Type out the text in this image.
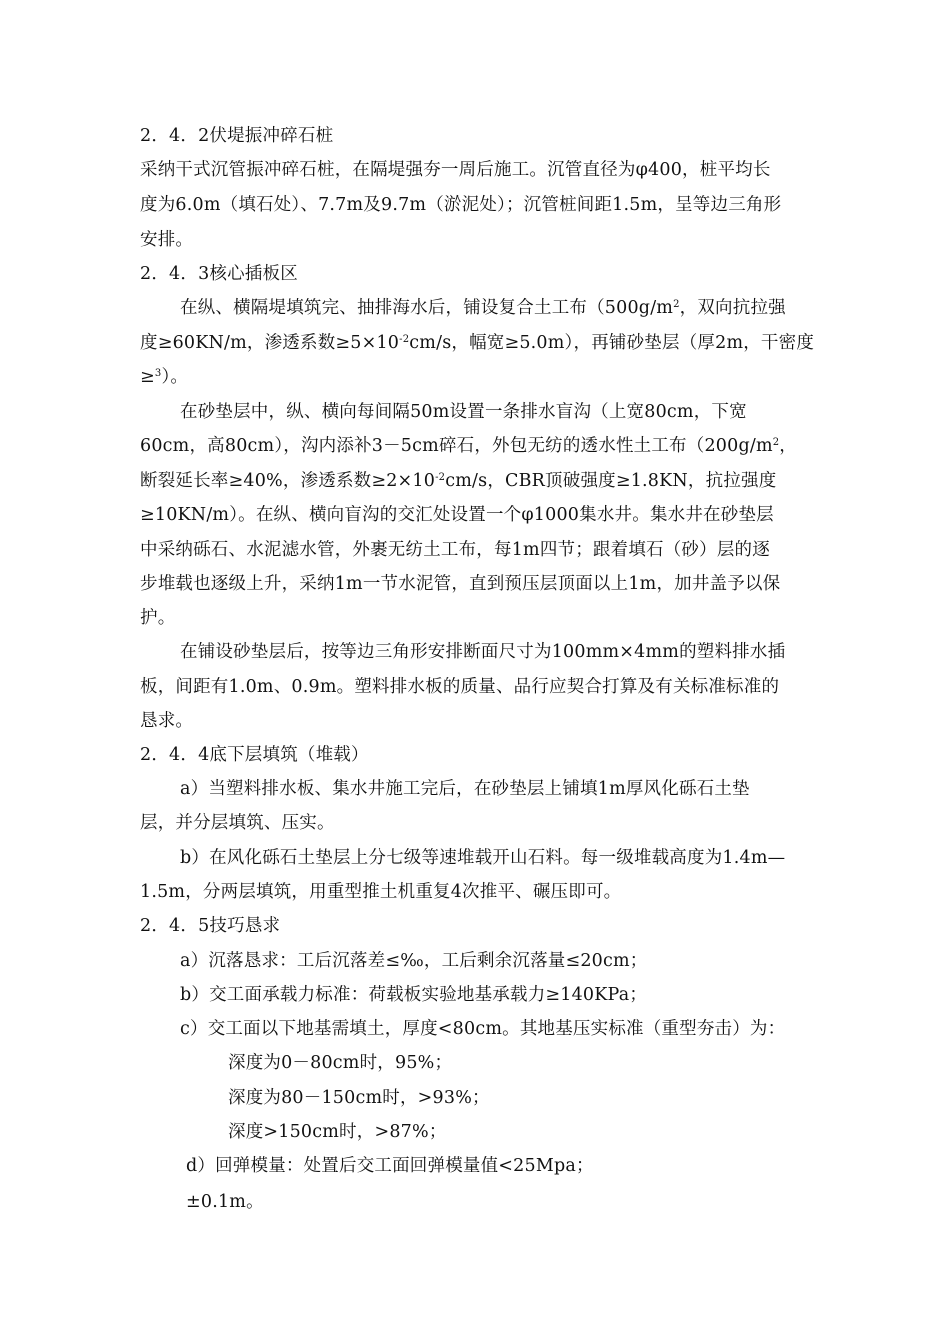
2．4．2伏堤振冲碎石桩
采纳干式沉管振冲碎石桩，在隔堤强夯一周后施工。沉管直径为φ400，桩平均长
度为6.0m（填石处）、7.7m及9.7m（淤泥处）；沉管桩间距1.5m，呈等边三角形
安排。
2．4．3核心插板区
在纵、横隔堤填筑完、抽排海水后，铺设复合土工布（$500g/m^2$，双向抗拉强
度≥60KN/m，渗透系数$\ge 5\times 10^{-2}cm/s$，幅宽≥5.0m），再铺砂垫层（厚2m，干密度
≥$^3$）。
在砂垫层中，纵、横向每间隔50m设置一条排水盲沟（上宽80cm，下宽
60cm，高80cm），沟内添补3－5cm碎石，外包无纺的透水性土工布（$200g/m^2$，
断裂延长率≥40%，渗透系数$\ge 2\times 10^{-2}cm/s$，CBR顶破强度≥1.8KN，抗拉强度
≥10KN/m）。在纵、横向盲沟的交汇处设置一个φ1000集水井。集水井在砂垫层
中采纳砾石、水泥滤水管，外裹无纺土工布，每1m四节；跟着填石（砂）层的逐
步堆载也逐级上升，采纳1m一节水泥管，直到预压层顶面以上1m，加井盖予以保
护。
在铺设砂垫层后，按等边三角形安排断面尺寸为100mm×4mm的塑料排水插
板，间距有1.0m、0.9m。塑料排水板的质量、品行应契合打算及有关标准标准的
恳求。
2．4．4底下层填筑（堆载）
a）当塑料排水板、集水井施工完后，在砂垫层上铺填1m厚风化砾石土垫
层，并分层填筑、压实。
b）在风化砾石土垫层上分七级等速堆载开山石料。每一级堆载高度为1.4m—
1.5m，分两层填筑，用重型推土机重复4次推平、碾压即可。
2．4．5技巧恳求
a）沉落恳求：工后沉落差≤‰，工后剩余沉落量≤20cm；
b）交工面承载力标准：荷载板实验地基承载力≥140KPa；
c）交工面以下地基需填土，厚度<80cm。其地基压实标准（重型夯击）为：
深度为0－80cm时，95%；
深度为80－150cm时，>93%；
深度>150cm时，>87%；
d）回弹模量：处置后交工面回弹模量值<25Mpa；
±0.1m。
